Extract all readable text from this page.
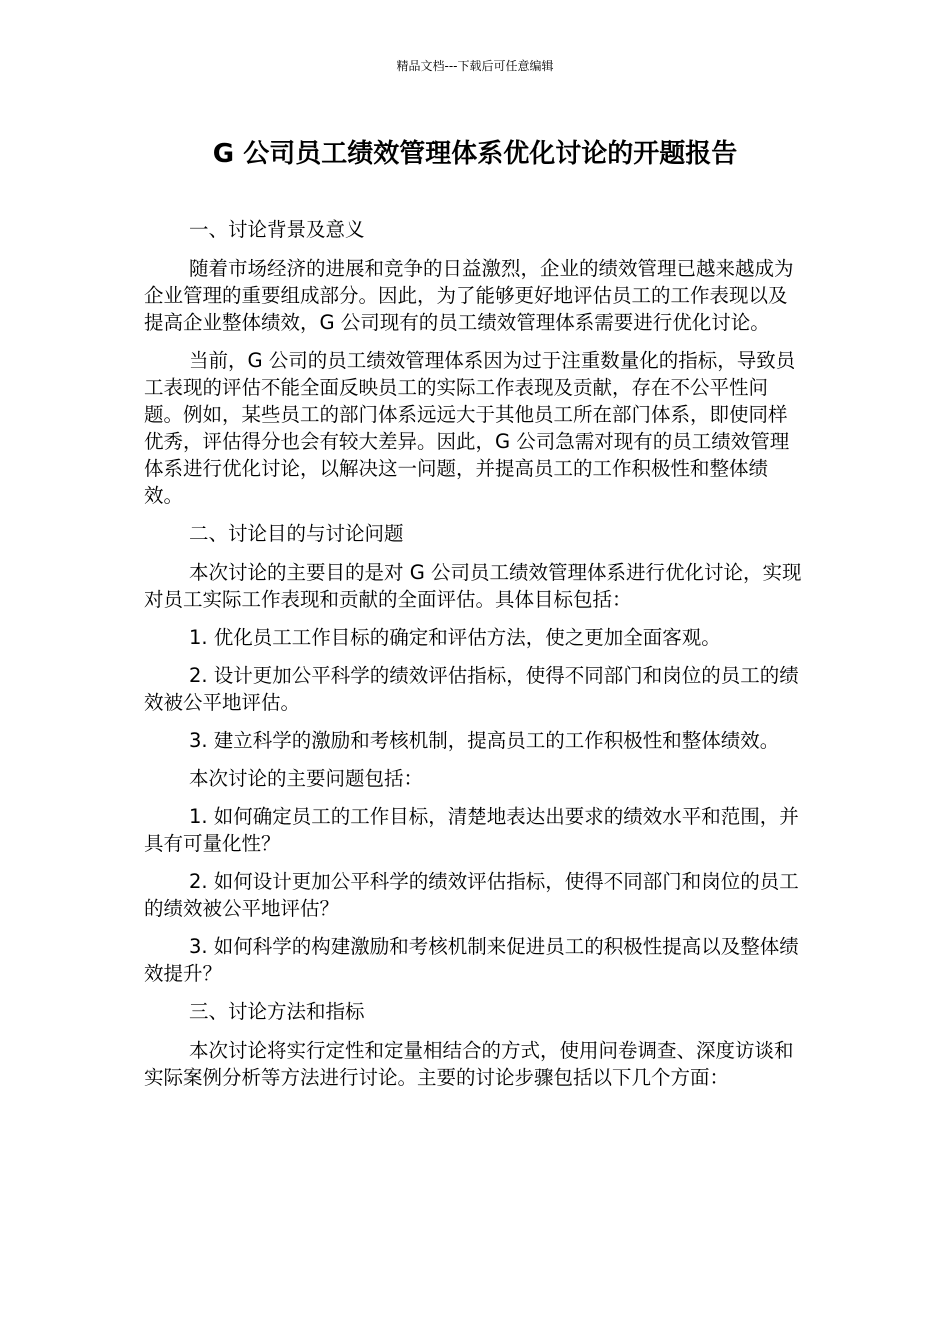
精品文档---下载后可任意编辑
G 公司员工绩效管理体系优化讨论的开题报告

一、讨论背景及意义

随着市场经济的进展和竞争的日益激烈，企业的绩效管理已越来越成为企业管理的重要组成部分。因此，为了能够更好地评估员工的工作表现以及提高企业整体绩效，G 公司现有的员工绩效管理体系需要进行优化讨论。

当前，G 公司的员工绩效管理体系因为过于注重数量化的指标，导致员工表现的评估不能全面反映员工的实际工作表现及贡献，存在不公平性问题。例如，某些员工的部门体系远远大于其他员工所在部门体系，即使同样优秀，评估得分也会有较大差异。因此，G 公司急需对现有的员工绩效管理体系进行优化讨论，以解决这一问题，并提高员工的工作积极性和整体绩效。

二、讨论目的与讨论问题

本次讨论的主要目的是对 G 公司员工绩效管理体系进行优化讨论，实现对员工实际工作表现和贡献的全面评估。具体目标包括：

1. 优化员工工作目标的确定和评估方法，使之更加全面客观。

2. 设计更加公平科学的绩效评估指标，使得不同部门和岗位的员工的绩效被公平地评估。

3. 建立科学的激励和考核机制，提高员工的工作积极性和整体绩效。

本次讨论的主要问题包括：

1. 如何确定员工的工作目标，清楚地表达出要求的绩效水平和范围，并具有可量化性？

2. 如何设计更加公平科学的绩效评估指标，使得不同部门和岗位的员工的绩效被公平地评估？

3. 如何科学的构建激励和考核机制来促进员工的积极性提高以及整体绩效提升？

三、讨论方法和指标

本次讨论将实行定性和定量相结合的方式，使用问卷调查、深度访谈和实际案例分析等方法进行讨论。主要的讨论步骤包括以下几个方面：
